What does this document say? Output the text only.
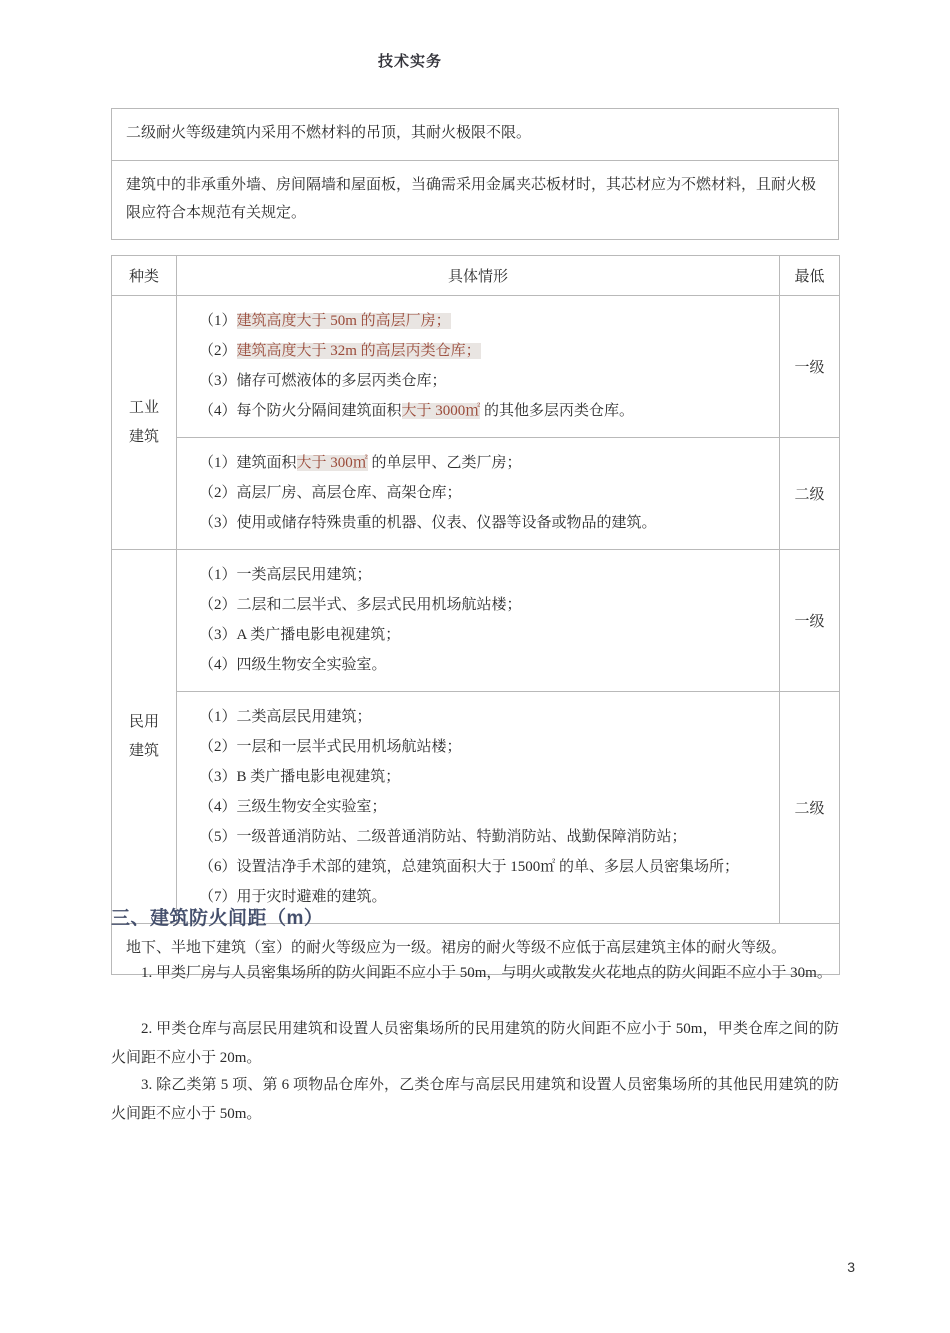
技术实务
二级耐火等级建筑内采用不燃材料的吊顶，其耐火极限不限。
建筑中的非承重外墙、房间隔墙和屋面板，当确需采用金属夹芯板材时，其芯材应为不燃材料，且耐火极限应符合本规范有关规定。
种类	具体情形	最低

工业
建筑

（1）建筑高度大于 50m 的高层厂房；
（2）建筑高度大于 32m 的高层丙类仓库；
（3）储存可燃液体的多层丙类仓库；
（4）每个防火分隔间建筑面积大于 3000㎡ 的其他多层丙类仓库。
	一级

	（1）建筑面积大于 300㎡ 的单层甲、乙类厂房；
（2）高层厂房、高层仓库、高架仓库；
（3）使用或储存特殊贵重的机器、仪表、仪器等设备或物品的建筑。	二级

民用
建筑

（1）一类高层民用建筑；
（2）二层和二层半式、多层式民用机场航站楼；
（3）A 类广播电影电视建筑；
（4）四级生物安全实验室。
	一级

（1）二类高层民用建筑；
（2）一层和一层半式民用机场航站楼；
（3）B 类广播电影电视建筑；
（4）三级生物安全实验室；
（5）一级普通消防站、二级普通消防站、特勤消防站、战勤保障消防站；
（6）设置洁净手术部的建筑，总建筑面积大于 1500㎡ 的单、多层人员密集场所；
（7）用于灾时避难的建筑。
	二级
地下、半地下建筑（室）的耐火等级应为一级。裙房的耐火等级不应低于高层建筑主体的耐火等级。		
三、建筑防火间距（m）

1. 甲类厂房与人员密集场所的防火间距不应小于 50m，与明火或散发火花地点的防火间距不应小于 30m。

2. 甲类仓库与高层民用建筑和设置人员密集场所的民用建筑的防火间距不应小于 50m，甲类仓库之间的防火间距不应小于 20m。

3. 除乙类第 5 项、第 6 项物品仓库外，乙类仓库与高层民用建筑和设置人员密集场所的其他民用建筑的防火间距不应小于 50m。

3
